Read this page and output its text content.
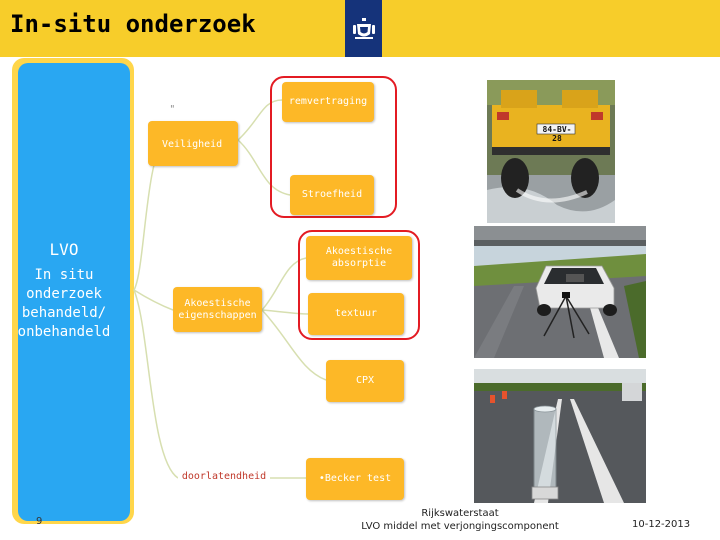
In-situ onderzoek
LVO
In situ
onderzoek
behandeld/
onbehandeld
9
remvertraging
"
Veiligheid
Stroefheid
Akoestische
absorptie
Akoestische
eigenschappen	textuur
CPX
doorlatendheid	•Becker test
84-BV-28
Rijkswaterstaat
LVO middel met verjongingscomponent	10-12-2013
